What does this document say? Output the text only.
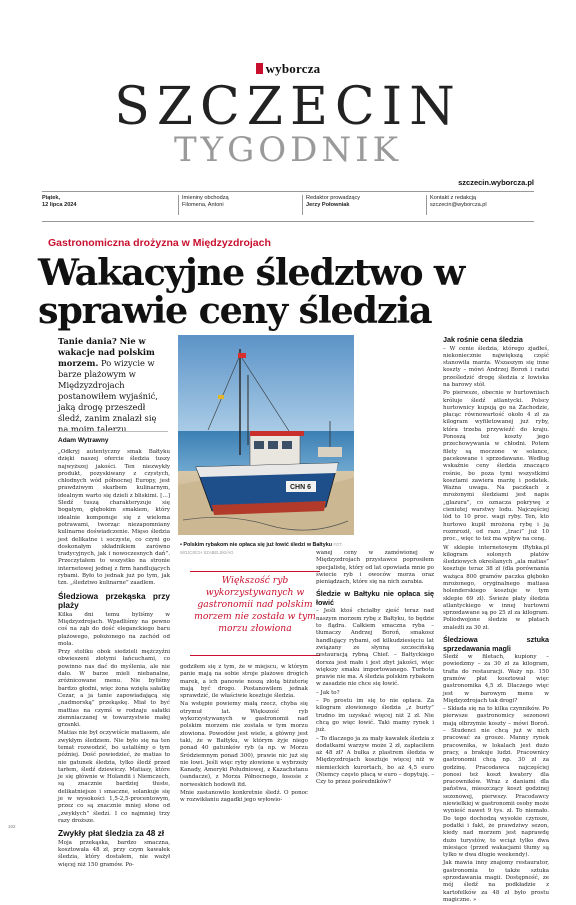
wyborcza
SZCZECIN
TYGODNIK
szczecin.wyborcza.pl
Piątek,
12 lipca 2024
Imieniny obchodzą
Filomena, Antoni
Redaktor prowadzący
Jerzy Połowniak
Kontakt z redakcją
szczecin@wyborcza.pl
Gastronomiczna drożyzna w Międzyzdrojach
Wakacyjne śledztwo w sprawie ceny śledzia
Tanie dania? Nie w wakacje nad polskim morzem. Po wizycie w barze plażowym w Międzyzdrojach postanowiłem wyjaśnić, jaką drogę przeszedł śledź, zanim znalazł się na moim talerzu.
Adam Wytrawny

„Odkryj autentyczny smak Bałtyku dzięki naszej ofercie śledzia tuszy najwyższej jakości. Ten niezwykły produkt, pozyskiwany z czystych, chłodnych wód północnej Europy, jest prawdziwym skarbem kulinarnym, idealnym warto się dzieli z bliskimi. […] Śledź tuszą charakteryzuje się bogatym, głębokim smakiem, który idealnie komponuje się z wieloma potrawami, tworząc niezapomniany kulinarne doświadczenie. Mięso śledzia jest delikatne i soczyste, co czyni go doskonałym składnikiem zarówno tradycyjnych, jak i nowoczesnych dań”. Przeczytałem to wszystko na stronie internetowej jednej z firm handlujących rybami. Było to jednak już po tym, jak tzn. „śledztwo kulinarne” zaadlem.

Śledziowa przekąska przy plaży

Kilka dni temu byliśmy w Międzyzdrojach. Wpadliśmy na pewno coś na ząb do dość eleganckiego baru plażowego, położonego na zachód od mola.

Przy stoliku obok siedzieli mężczyźni obwieszeni złotymi łańcuchami, co powinno nas dać do myślenia, ale nie dało. W barze mieli niebanalne, zróżnicowane menu. Nie byliśmy bardzo głodni, więc żona wzięła sałatkę Cezar, a ja tanie zapowiadającą się „nadmorską” przekąskę. Miał to być mattias na czymś w rodzaju sałatki ziemniaczanej w towarzystwie małej grzanki.

Matias nie był oczywiście matiasem, ale zwykłym śledziem. Nie było się na ten temat rozwodzić, bo ustaliśmy o tym później. Dość powiedzieć, że matias to nie gatunek śledzia, tylko śledź przed tarłem, śledź dziewiczy. Matiasy, które je się głównie w Holandii i Niemczech, są znacznie bardziej tłuste, delikatniejsze i smaczne, solankuje się je w wysokości 1,5-2,5-procentowym, przez co są znacznie mniej słone od „zwykłych” śledzi. I co najmniej trzy razy droższe.

Zwykły płat śledzia za 48 zł

Moja przekąska, bardzo smaczna, kosztowała 48 zł, przy czym kawałek śledzia, który dostałem, nie ważył więcej niż 150 gramów. Po-

CHN 6
• Polskim rybakom nie opłaca się już łowić śledzi w Bałtyku FOT. WOJCIECH SZABELSKI/AG
Większość ryb wykorzystywanych w gastronomii nad polskim morzem nie została w tym morzu złowiona

godziłem się z tym, że w miejscu, w którym panie mają na sobie stroje plażowe drogich marek, a ich panowie noszą złotą biżuterię mają być drogo. Postanowiłem jednak sprawdzić, ile właściwie kosztuje śledzia.

Na wstępie powiemy małą rzecz, chyba się otrymuł lat. Większość ryb wykorzystywanych w gastronomii nad polskim morzem nie została w tym morzu złowiona. Powodów jest wiele, a główny jest taki, że w Bałtyku, w którym żyje niego ponad 40 gatunków ryb (a np. w Morzu Śródziemnym ponad 300), prawie nic już się nie łowi. Jeśli więc ryby złowione u wybrzeży Kanady, Ameryki Południowej, z Kazachstanu (sandacze), z Morza Północnego, łososie z norweskich hodowli itd.

Mnie zastanowiło konkretnie śledź. O ponoc w rozwikłaniu zagadki jego wyłowio-

wanej ceny w zamówionej w Międzyzdrojach przystawce poprosiłem specjalistę, który od lat opowiada mnie po świecie ryb i owoców morza oraz pieniądzach, które się na nich zarabia.

Śledzie w Bałtyku nie opłaca się łowić

– Jeśli ktoś chciałby zjeść teraz nad naszym morzem rybę z Bałtyku, to będzie to flądra. Całkiem smaczna ryba – tłumaczy Andrzej Boroń, smakosz handlujący rybami, od kilkudziesięciu lat związany ze słynną szczecińską restauracją rybną Chief. – Bałtyckiego dorsza jest mało i jest zbyt jakości, więc większy smaku importowanego. Turbota prawie nie ma. A śledzia polskim rybakom w zasadzie nie chce się łowić.

– Jak to?

– Po prostu im się to nie opłaca. Za kilogram złowionego śledzia „z burty” trudno im uzyskać więcej niż 2 zł. Nie chcą go więc łowić. Taki mamy rynek i już.

– To dlaczego ja za mały kawałek śledzia z dodatkami warzyw może 2 zł, zapłaciłem aż 48 zł? A bułka z plastrem śledzia w Międzyzdrojach kosztuje więcej niż w niemieckich kurortach, bo aż 4,5 euro (Niemcy często płacą w euro – dopytuję. – Czy to przez pośredników?

Jak rośnie cena śledzia

– W cenie śledzia, którego zjadłeś, niekoniecznie największą część stanowiła marża. Wszaszym się inne koszty – mówi Andrzej Boroń i radzi prześledzić drogę śledzia z łowiska na barowy stół.

Po pierwsze, obecnie w hurtowniach króluje śledź atlantycki. Polscy hurtownicy kupują go na Zachodzie, płacąc równowartość około 4 zł za kilogram wyfiletowanej już ryby, która trzeba przywieźć do kraju. Ponoszą też koszty jego przechowywania w chłodni. Potem filety są moczone w solance, pacekowane i sprzedawane. Według wskaźnie ceny śledzia znacząco rośnie, bo poza tymi wszystkimi kosztami zawiera marżę i podatek. Ważna uwaga. Na paczkach z mrożonymi śledziami jest napis „glazura”, co oznacza pokrywę z cieniutej warstwy lodu. Najczęściej lód to 10 proc. wagi ryby. Ten, kto hurtowo kupił mrożona rybę i ją rozmroził, od razu „traci” już 10 proc., więc to też ma wpływ na cenę.

W sklepie internetowym iRybka.pl kilogram solonych płatów śledziowych określanych „ala matias” kosztuje teraz 38 zł (dla porównania ważąca 800 gramów paczka głęboko mrożonego, oryginalnego matiasa holenderskiego kosztuje w tym sklepie 69 zł). Świeże płaty śledzia atlantyckiego w innej hurtowni sprzedawane są po 25 zł za kilogram. Poliodwojone śledzie w płatach znaleźli za 30 zł.

Śledziowa sztuka sprzedawania magli

Śledź w filetach, kupiony – powiedzmy – za 30 zł za kilogram, trafia do restauracji. Waży np. 150 gramów płat kosztował więc gastronomika 4,5 zł. Dlaczego więc jest w barowym menu w Międzyzdrojach tak drogi?

– Składa się na to kilka czynników. Po pierwsze gastronomicy sezonowi mają olbrzymie koszty – mówi Boroń. – Studenci nie chcą już w nich pracować za grosze. Manny rynek pracownika, w lokalach jest dużo pracy, a brakuje ludzi. Pracownicy gastronomii chcą np. 30 zł za godzinę. Pracodawca najczęściej ponosi też koszt kwatery dla pracowników. Wraz z daniami dla państwa, mieszczący koszt godzinej sezonowej, pierwszy. Pracodawcy niewielkiej w gastronomii osoby może wynieść nawet 9 tys. zł. To niemało. Do tego dochodzą wysokie czynsze, podatki i fakt, że prawdziwy sezon, kiedy nad morzem jest naprawdę dużo turystów, to wciąż tylko dwa miesiące (przed wakacjami tłumy są tylko w dwa długie weekendy).

Jak mawia inny znajomy restaurator, gastronomia to także sztuka sprzedawania magii. Dostępność, ze mój śledź na podkładzie z kartofelków za 48 zł było prostu magiczne. »

102
